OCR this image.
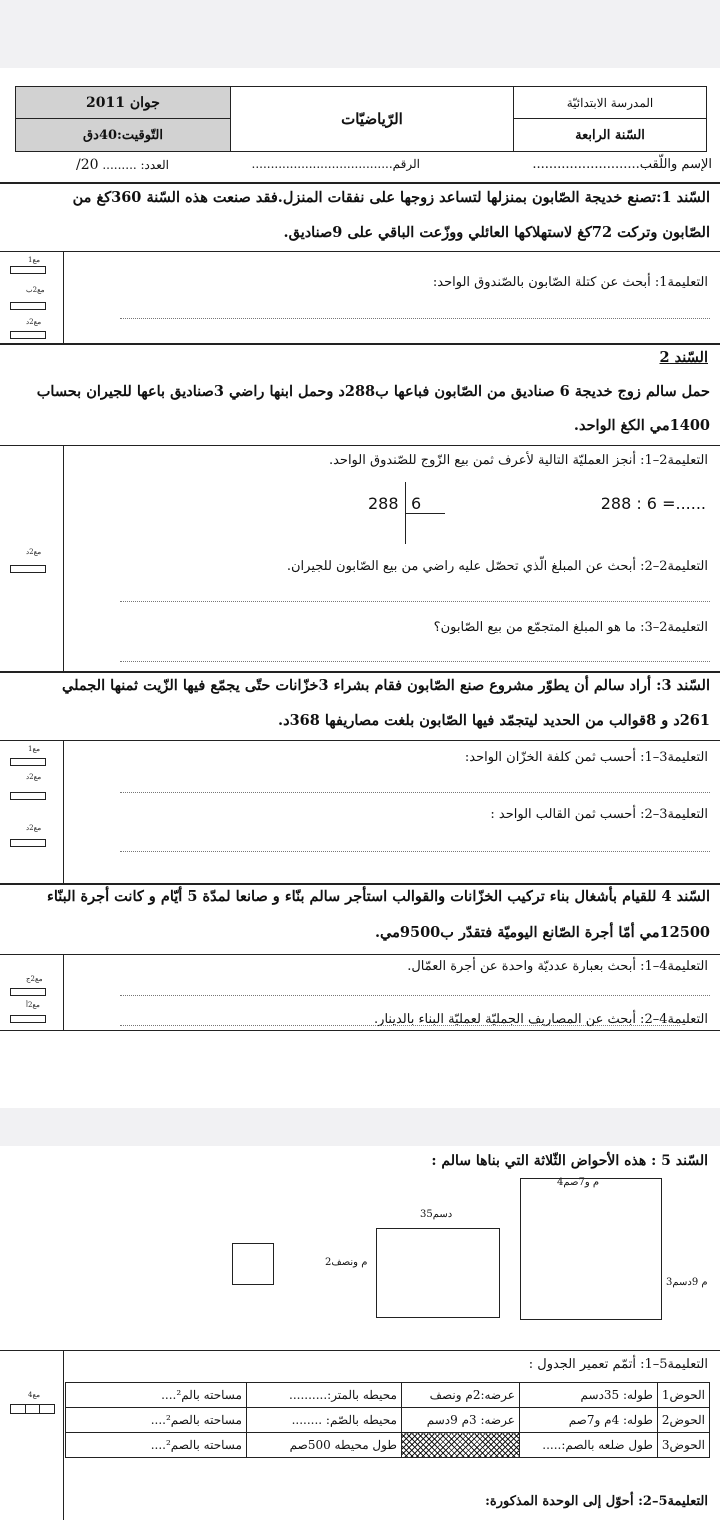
المدرسة الابتدائيّة
السّنة الرابعة
الرّياضيّات
جوان 2011
التّوقيت:40دق
الإسم واللّقب..........................
الرقم.....................................
العدد: ......... 20/
السّند 1:تصنع خديجة الصّابون بمنزلها لتساعد زوجها على نفقات المنزل.فقد صنعت هذه السّنة 360كغ من
الصّابون وتركت 72كغ لاستهلاكها العائلي ووزّعت الباقي على 9صناديق.
مع1
مع2ب
مع2د
التعليمة1: أبحث عن كتلة الصّابون بالصّندوق الواحد:
السّند 2
حمل سالم زوج خديجة 6 صناديق من الصّابون فباعها ب288د وحمل ابنها راضي 3صناديق باعها للجيران بحساب
1400مي الكغ الواحد.
التعليمة2–1: أنجز العمليّة التالية لأعرف ثمن بيع الزّوج للصّندوق الواحد.
288 6	288 : 6 =......
مع2د
التعليمة2–2: أبحث عن المبلغ الّذي تحصّل عليه راضي من بيع الصّابون للجيران.
التعليمة2–3: ما هو المبلغ المتجمّع من بيع الصّابون؟
السّند 3: أراد سالم أن يطوّر مشروع صنع الصّابون فقام بشراء 3خزّانات حتّى يجمّع فيها الزّيت ثمنها الجملي
261د و 8قوالب من الحديد ليتجمّد فيها الصّابون بلغت مصاريفها 368د.
مع1
مع2د
مع2د
التعليمة3–1: أحسب ثمن كلفة الخزّان الواحد:
التعليمة3–2: أحسب ثمن القالب الواحد :
السّند 4 للقيام بأشغال بناء تركيب الخزّانات والقوالب استأجر سالم بنّاء و صانعا لمدّة 5 أيّام و كانت أجرة البنّاء
12500مي أمّا أجرة الصّانع اليوميّة فتقدّر ب9500مي.
مع2ج
مع2أ
التعليمة4–1: أبحث بعبارة عدديّة واحدة عن أجرة العمّال.
التعليمة4–2: أبحث عن المصاريف الجمليّة لعمليّة البناء بالدينار.
السّند 5 : هذه الأحواض الثّلاثة التي بناها سالم :
4م و7صم
3م 9دسم
35دسم
2م ونصف
التعليمة5–1: أتمّم تعمير الجدول :
مع4	الحوض1	طوله: 35دسم	عرضه:2م ونصف	محيطه بالمتر:..........	مساحته بالم²....
الحوض2	طوله: 4م و7صم	عرضه: 3م 9دسم	محيطه بالصّم: ........	مساحته بالصم²....
الحوض3	طول ضلعه بالصم:.....		طول محيطه 500صم	مساحته بالصم²....
التعليمة5–2: أحوّل إلى الوحدة المذكورة:
